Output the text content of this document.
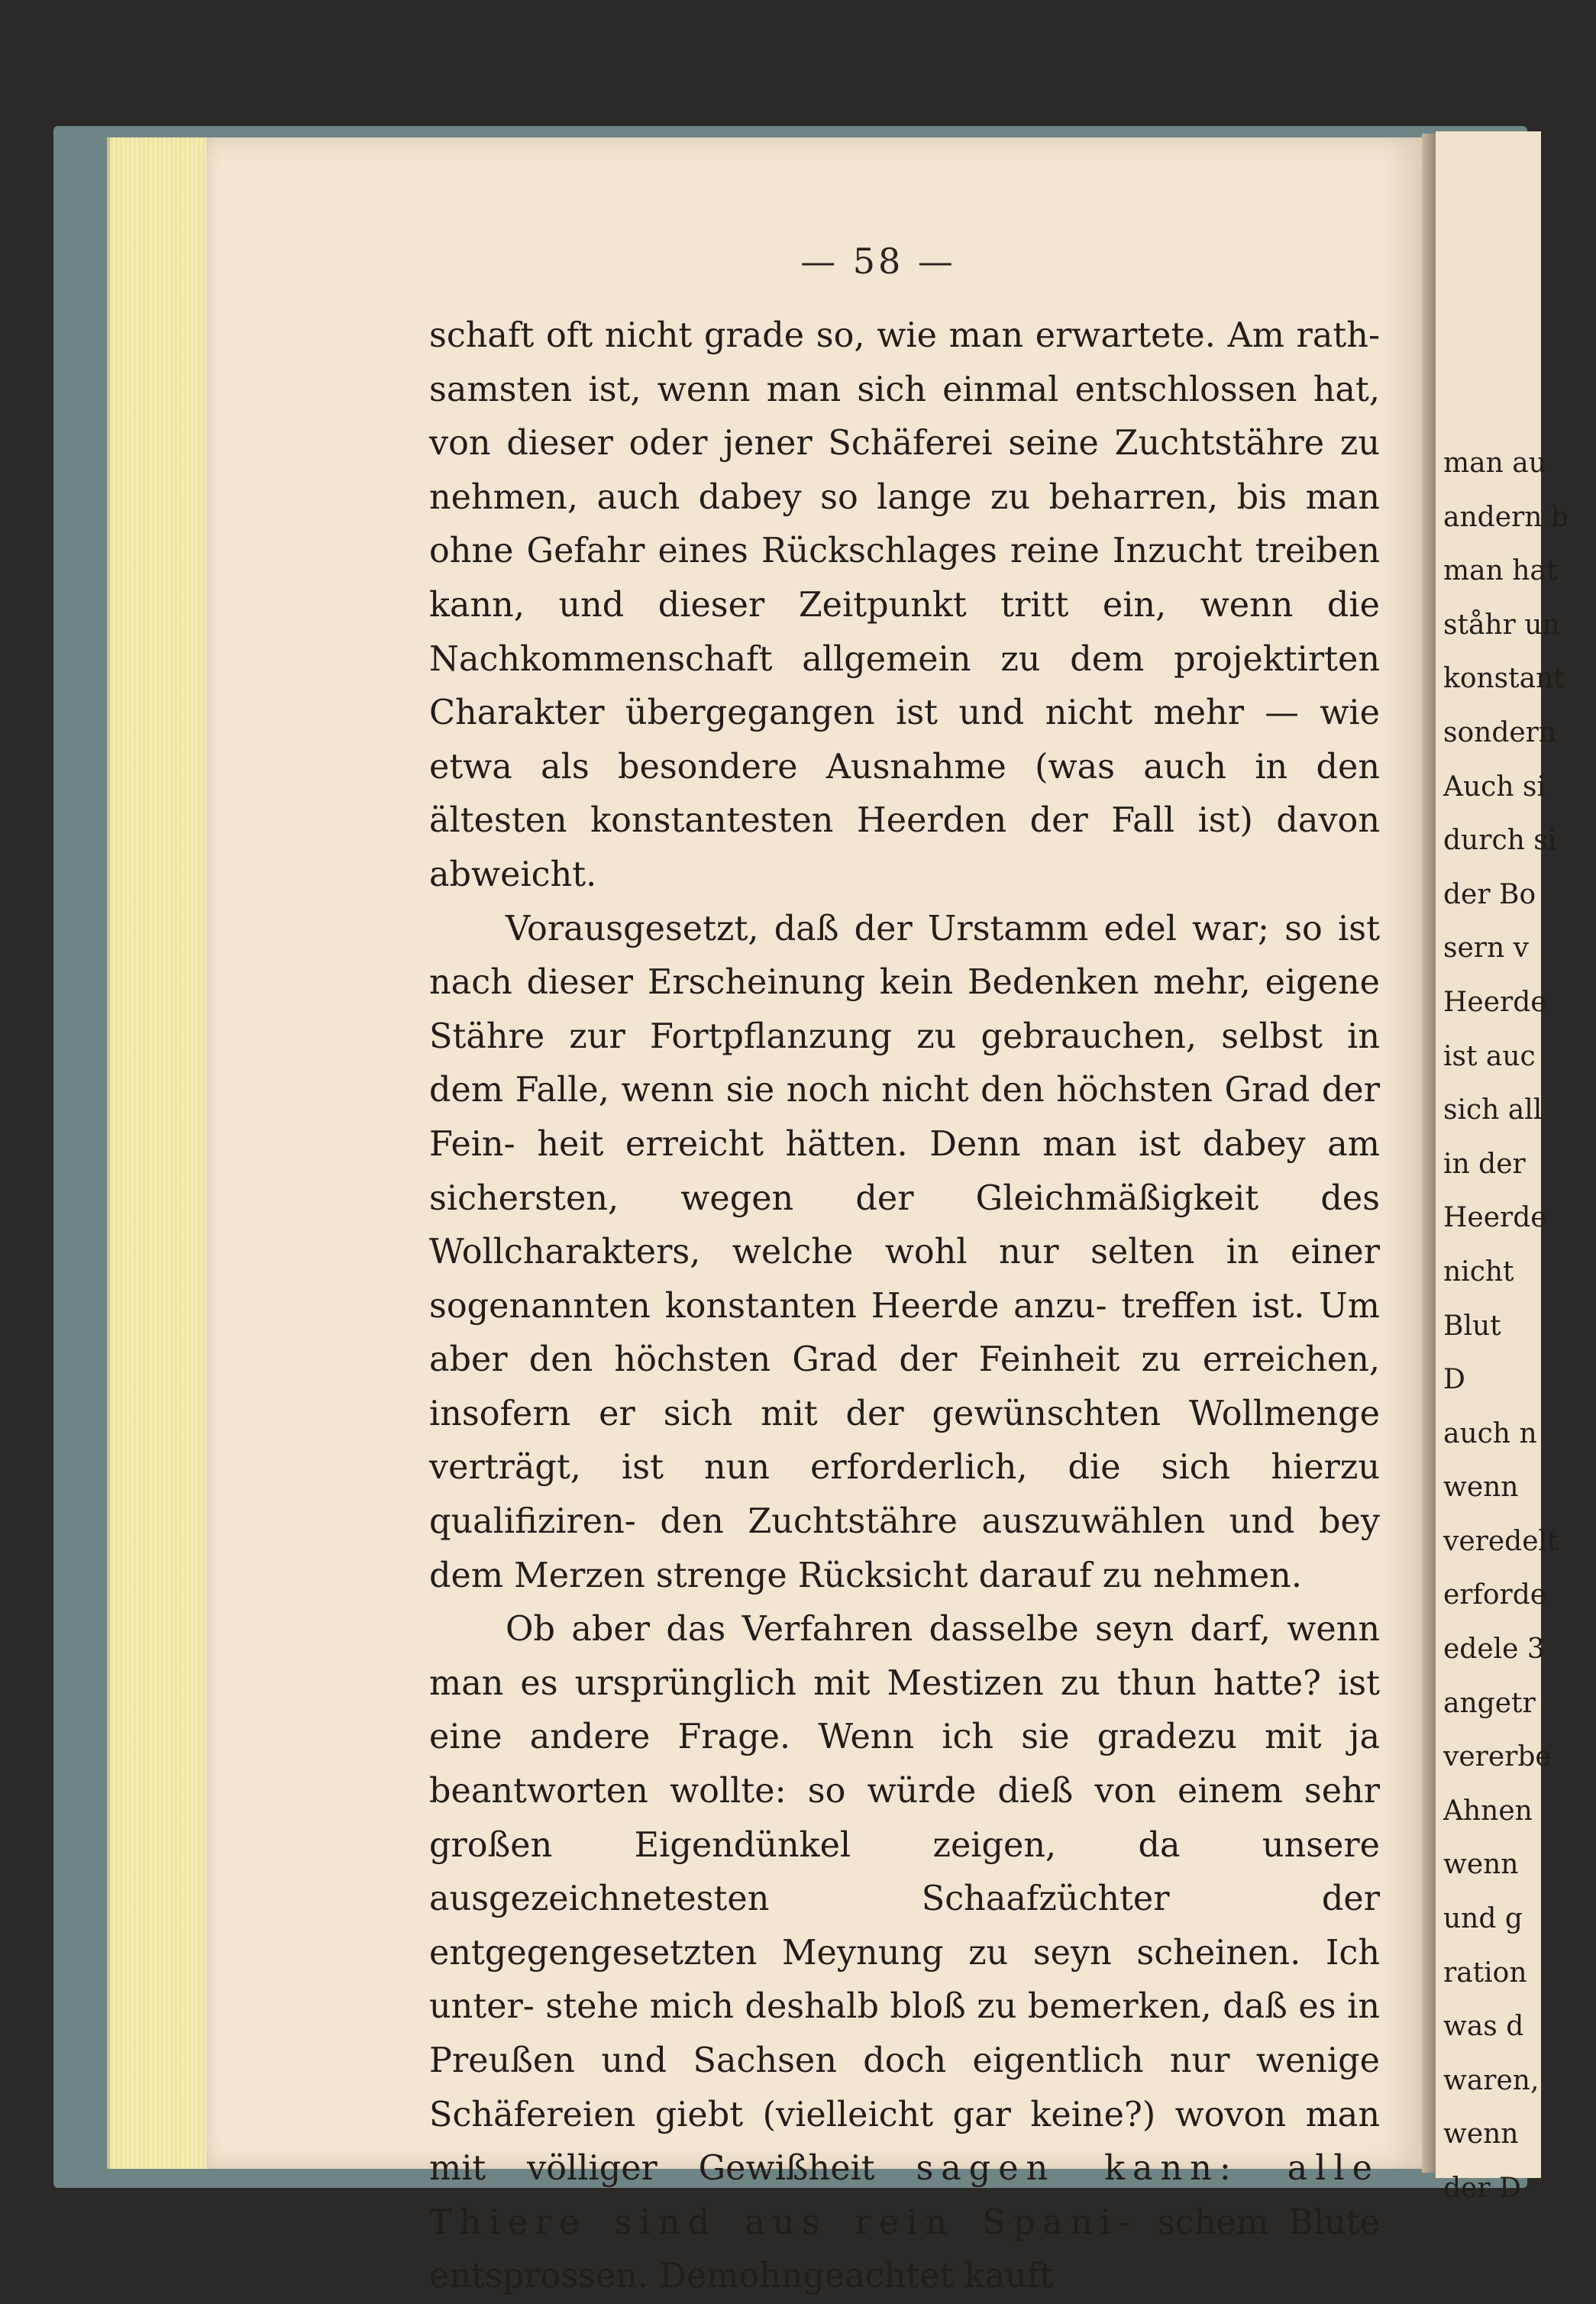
— 58 —

schaft oft nicht grade so, wie man erwartete. Am rath- samsten ist, wenn man sich einmal entschlossen hat, von dieser oder jener Schäferei seine Zuchtstähre zu nehmen, auch dabey so lange zu beharren, bis man ohne Gefahr eines Rückschlages reine Inzucht treiben kann, und dieser Zeitpunkt tritt ein, wenn die Nachkommenschaft allgemein zu dem projektirten Charakter übergegangen ist und nicht mehr — wie etwa als besondere Ausnahme (was auch in den ältesten konstantesten Heerden der Fall ist) davon abweicht.

Vorausgesetzt, daß der Urstamm edel war; so ist nach dieser Erscheinung kein Bedenken mehr, eigene Stähre zur Fortpflanzung zu gebrauchen, selbst in dem Falle, wenn sie noch nicht den höchsten Grad der Fein- heit erreicht hätten. Denn man ist dabey am sichersten, wegen der Gleichmäßigkeit des Wollcharakters, welche wohl nur selten in einer sogenannten konstanten Heerde anzu- treffen ist. Um aber den höchsten Grad der Feinheit zu erreichen, insofern er sich mit der gewünschten Wollmenge verträgt, ist nun erforderlich, die sich hierzu qualifiziren- den Zuchtstähre auszuwählen und bey dem Merzen strenge Rücksicht darauf zu nehmen.

Ob aber das Verfahren dasselbe seyn darf, wenn man es ursprünglich mit Mestizen zu thun hatte? ist eine andere Frage. Wenn ich sie gradezu mit ja beantworten wollte: so würde dieß von einem sehr großen Eigendünkel zeigen, da unsere ausgezeichnetesten Schaafzüchter der entgegengesetzten Meynung zu seyn scheinen. Ich unter- stehe mich deshalb bloß zu bemerken, daß es in Preußen und Sachsen doch eigentlich nur wenige Schäfereien giebt (vielleicht gar keine?) wovon man mit völliger Gewißheit sagen kann: alle Thiere sind aus rein Spani- schem Blute entsprossen. Demohngeachtet kauft

man au
andern b
man hat
ståhr un
konstant
sondern
Auch si
durch si
der Bo
sern v
Heerde
ist auc
sich all
in der
Heerde
nicht
Blut
D
auch n
wenn
veredelt
erforde
edele 3
angetr
vererbe
Ahnen
wenn
und g
ration
was d
waren,
wenn
der D
